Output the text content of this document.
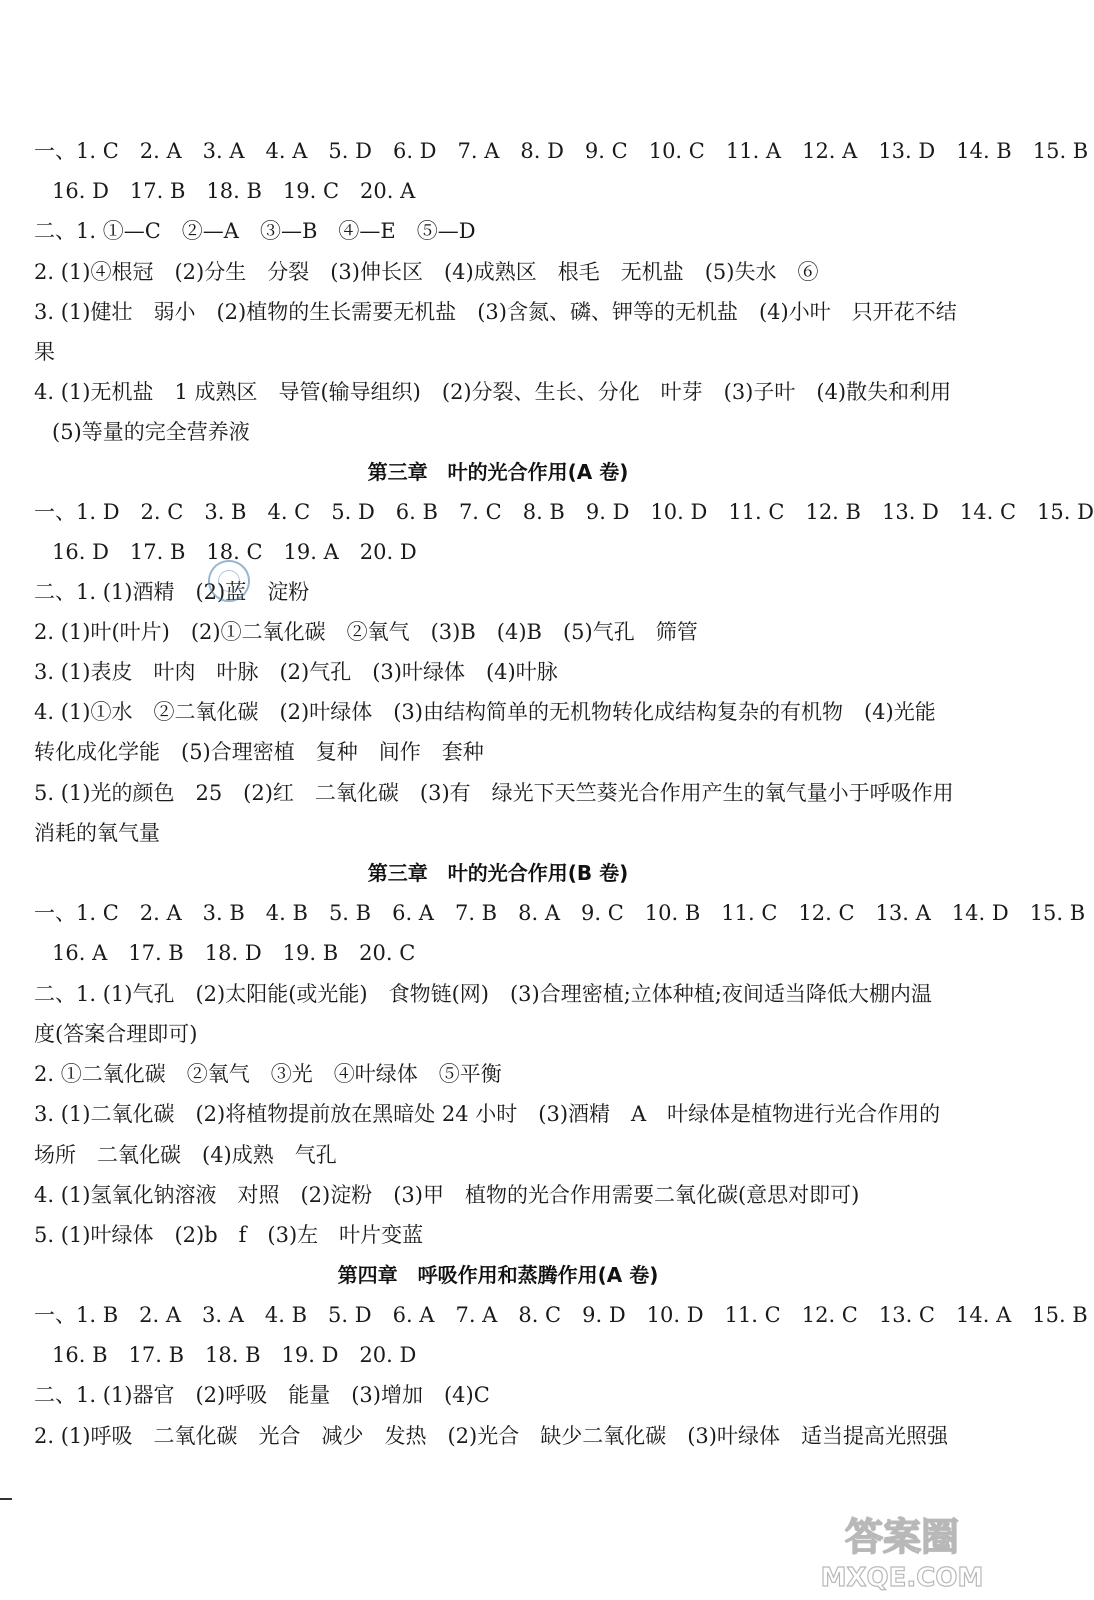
一、1. C　2. A　3. A　4. A　5. D　6. D　7. A　8. D　9. C　10. C　11. A　12. A　13. D　14. B　15. B
16. D　17. B　18. B　19. C　20. A
二、1. ①—C　②—A　③—B　④—E　⑤—D
2. (1)④根冠　(2)分生　分裂　(3)伸长区　(4)成熟区　根毛　无机盐　(5)失水　⑥
3. (1)健壮　弱小　(2)植物的生长需要无机盐　(3)含氮、磷、钾等的无机盐　(4)小叶　只开花不结
果
4. (1)无机盐　1 成熟区　导管(输导组织)　(2)分裂、生长、分化　叶芽　(3)子叶　(4)散失和利用
(5)等量的完全营养液
第三章　叶的光合作用(A 卷)
一、1. D　2. C　3. B　4. C　5. D　6. B　7. C　8. B　9. D　10. D　11. C　12. B　13. D　14. C　15. D
16. D　17. B　18. C　19. A　20. D
二、1. (1)酒精　(2)蓝　淀粉
2. (1)叶(叶片)　(2)①二氧化碳　②氧气　(3)B　(4)B　(5)气孔　筛管
3. (1)表皮　叶肉　叶脉　(2)气孔　(3)叶绿体　(4)叶脉
4. (1)①水　②二氧化碳　(2)叶绿体　(3)由结构简单的无机物转化成结构复杂的有机物　(4)光能
转化成化学能　(5)合理密植　复种　间作　套种
5. (1)光的颜色　25　(2)红　二氧化碳　(3)有　绿光下天竺葵光合作用产生的氧气量小于呼吸作用
消耗的氧气量
第三章　叶的光合作用(B 卷)
一、1. C　2. A　3. B　4. B　5. B　6. A　7. B　8. A　9. C　10. B　11. C　12. C　13. A　14. D　15. B
16. A　17. B　18. D　19. B　20. C
二、1. (1)气孔　(2)太阳能(或光能)　食物链(网)　(3)合理密植;立体种植;夜间适当降低大棚内温
度(答案合理即可)
2. ①二氧化碳　②氧气　③光　④叶绿体　⑤平衡
3. (1)二氧化碳　(2)将植物提前放在黑暗处 24 小时　(3)酒精　A　叶绿体是植物进行光合作用的
场所　二氧化碳　(4)成熟　气孔
4. (1)氢氧化钠溶液　对照　(2)淀粉　(3)甲　植物的光合作用需要二氧化碳(意思对即可)
5. (1)叶绿体　(2)b　f　(3)左　叶片变蓝
第四章　呼吸作用和蒸腾作用(A 卷)
一、1. B　2. A　3. A　4. B　5. D　6. A　7. A　8. C　9. D　10. D　11. C　12. C　13. C　14. A　15. B
16. B　17. B　18. B　19. D　20. D
二、1. (1)器官　(2)呼吸　能量　(3)增加　(4)C
2. (1)呼吸　二氧化碳　光合　减少　发热　(2)光合　缺少二氧化碳　(3)叶绿体　适当提高光照强
答案圈
MXQE.COM
